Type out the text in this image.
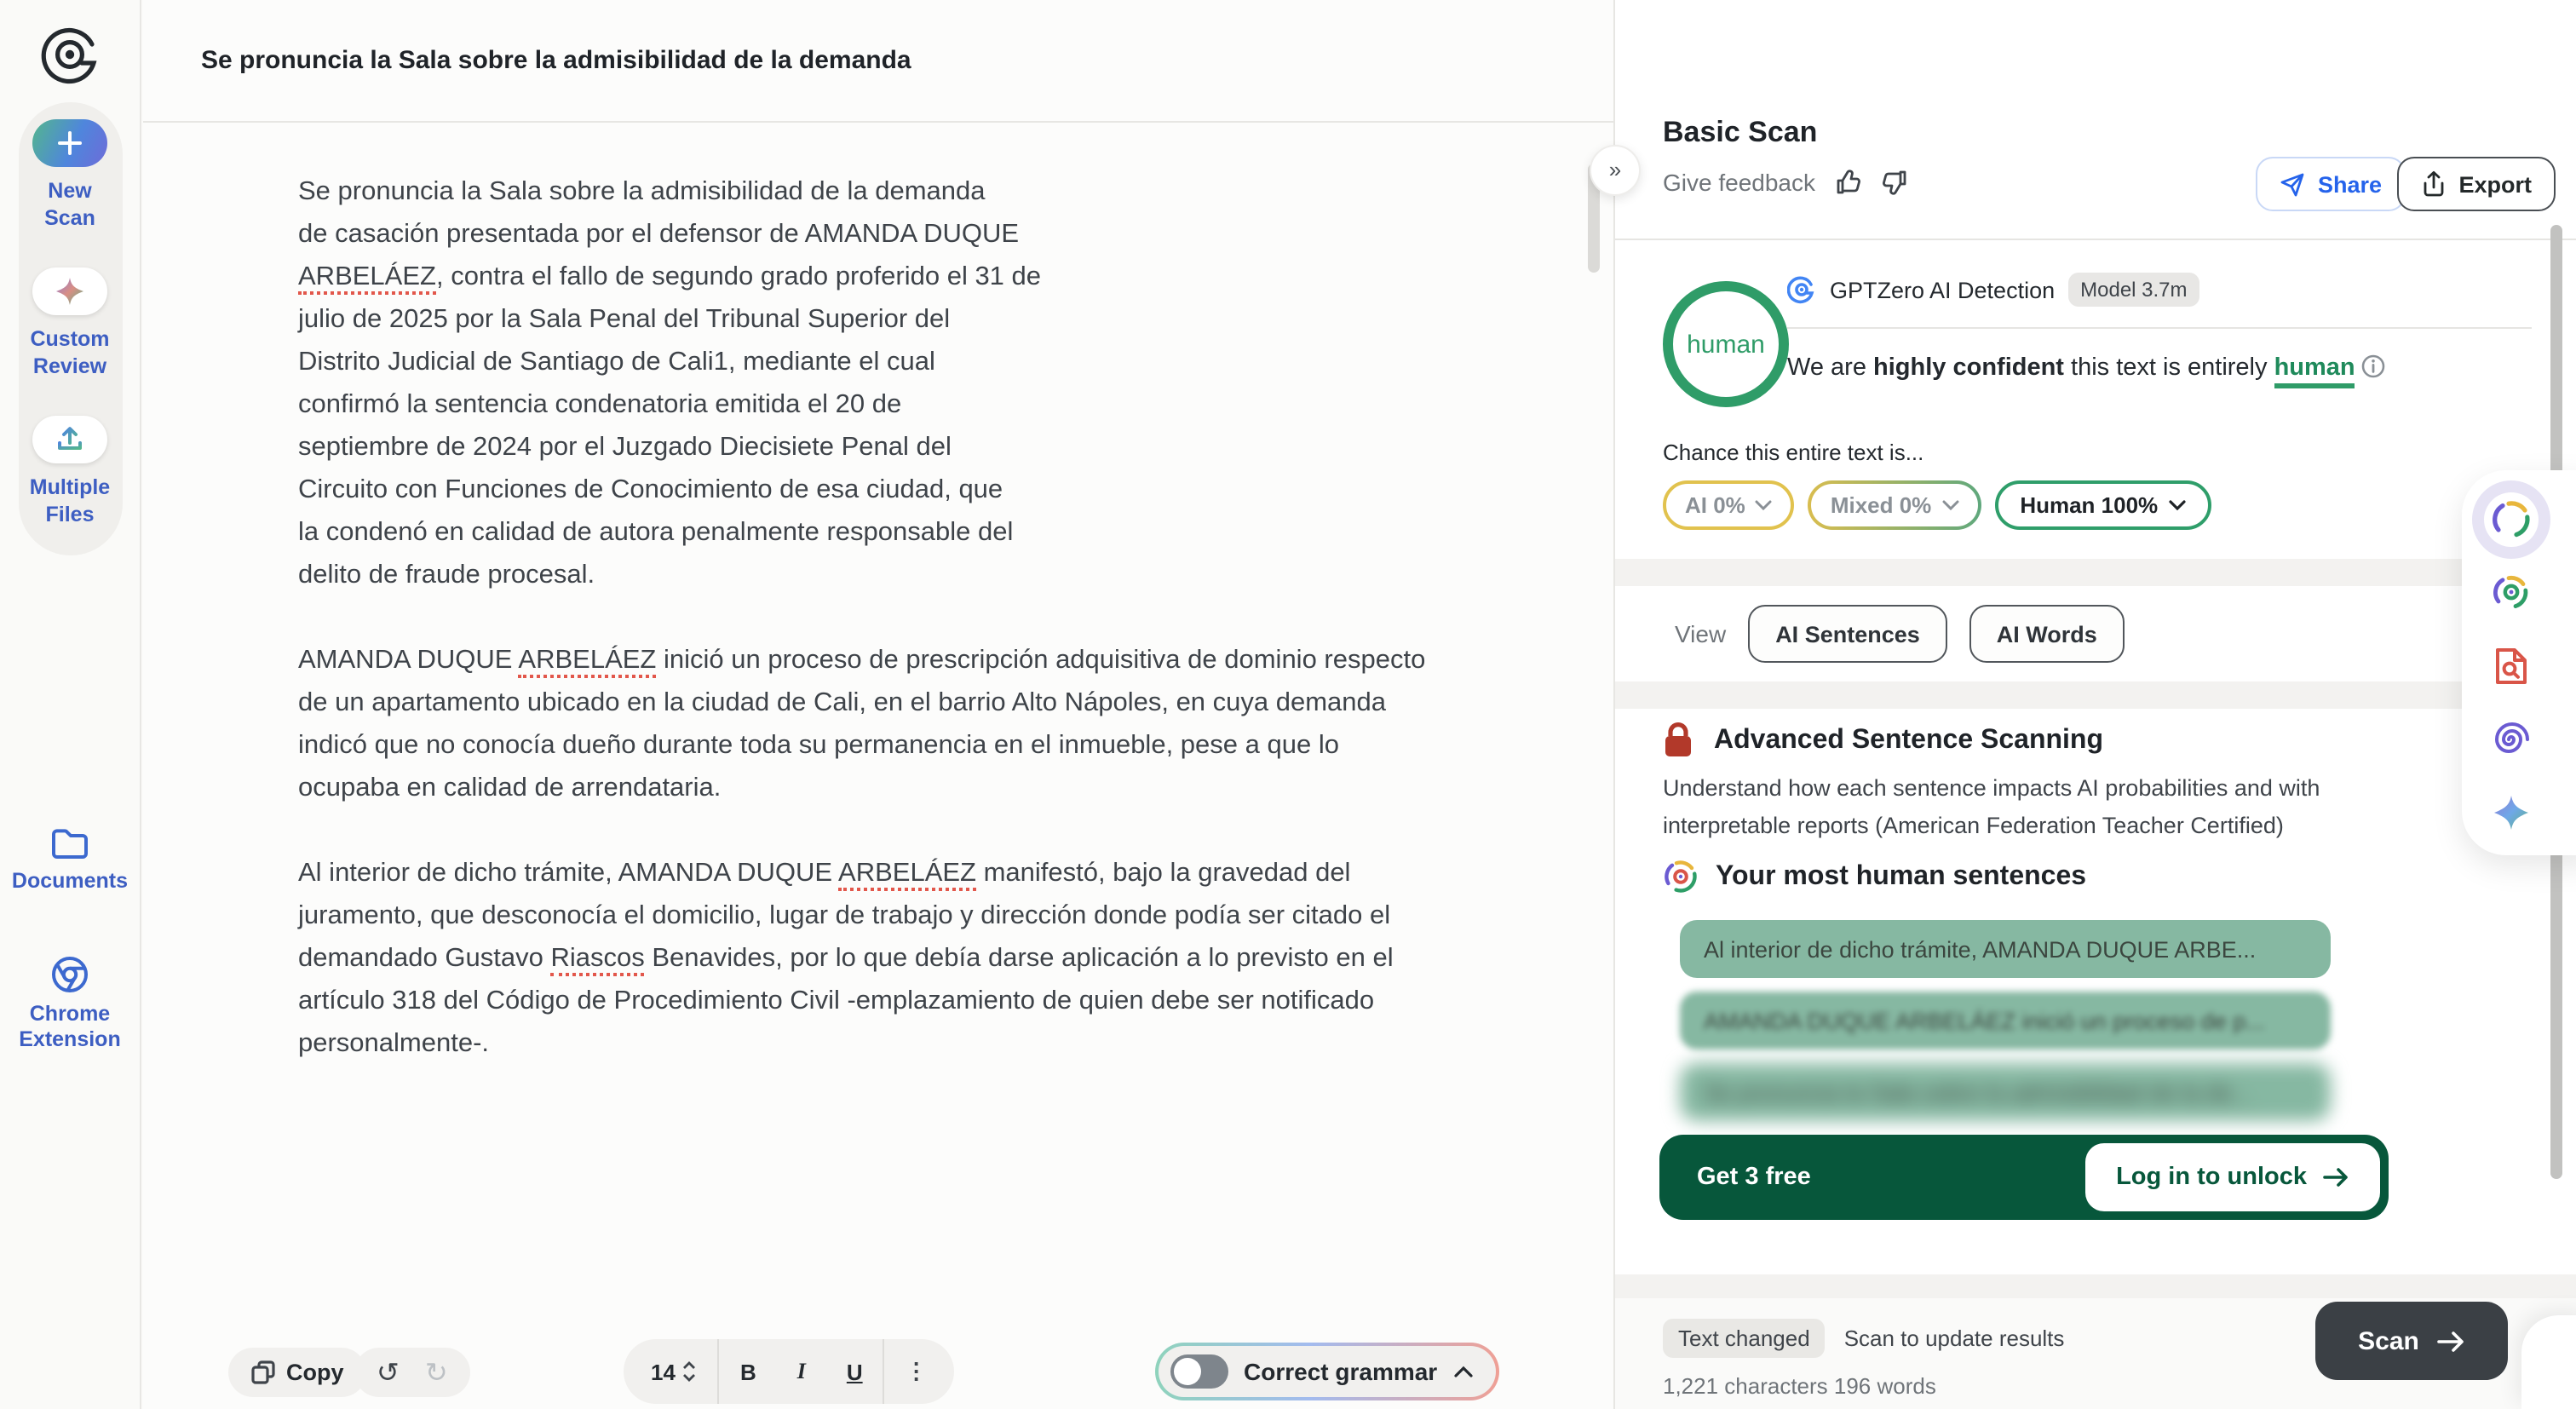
New Scan
Custom Review
Multiple Files
Documents
Chrome Extension
Se pronuncia la Sala sobre la admisibilidad de la demanda

Se pronuncia la Sala sobre la admisibilidad de la demanda
de casación presentada por el defensor de AMANDA DUQUE
ARBELÁEZ, contra el fallo de segundo grado proferido el 31 de
julio de 2025 por la Sala Penal del Tribunal Superior del
Distrito Judicial de Santiago de Cali1, mediante el cual
confirmó la sentencia condenatoria emitida el 20 de
septiembre de 2024 por el Juzgado Diecisiete Penal del
Circuito con Funciones de Conocimiento de esa ciudad, que
la condenó en calidad de autora penalmente responsable del
delito de fraude procesal.

AMANDA DUQUE ARBELÁEZ inició un proceso de prescripción adquisitiva de dominio respecto
de un apartamento ubicado en la ciudad de Cali, en el barrio Alto Nápoles, en cuya demanda
indicó que no conocía dueño durante toda su permanencia en el inmueble, pese a que lo
ocupaba en calidad de arrendataria.

Al interior de dicho trámite, AMANDA DUQUE ARBELÁEZ manifestó, bajo la gravedad del
juramento, que desconocía el domicilio, lugar de trabajo y dirección donde podía ser citado el
demandado Gustavo Riascos Benavides, por lo que debía darse aplicación a lo previsto en el
artículo 318 del Código de Procedimiento Civil -emplazamiento de quien debe ser notificado
personalmente-.

Copy ↺ ↻	14	B	I	U	⋮	Correct grammar
»
Basic Scan
Give feedback	Share	Export
human
GPTZero AI Detection	Model 3.7m
We are highly confident this text is entirely human
Chance this entire text is...
AI 0%	Mixed 0%	Human 100%
View	AI Sentences	AI Words
Advanced Sentence Scanning
Understand how each sentence impacts AI probabilities and with interpretable reports (American Federation Teacher Certified)
Your most human sentences
Al interior de dicho trámite, AMANDA DUQUE ARBE...
AMANDA DUQUE ARBELÁEZ inició un proceso de p...
Se pronuncia la Sala sobre la admisibilidad de la de...
Get 3 free	Log in to unlock
Text changed	Scan to update results
1,221 characters 196 words
Scan
